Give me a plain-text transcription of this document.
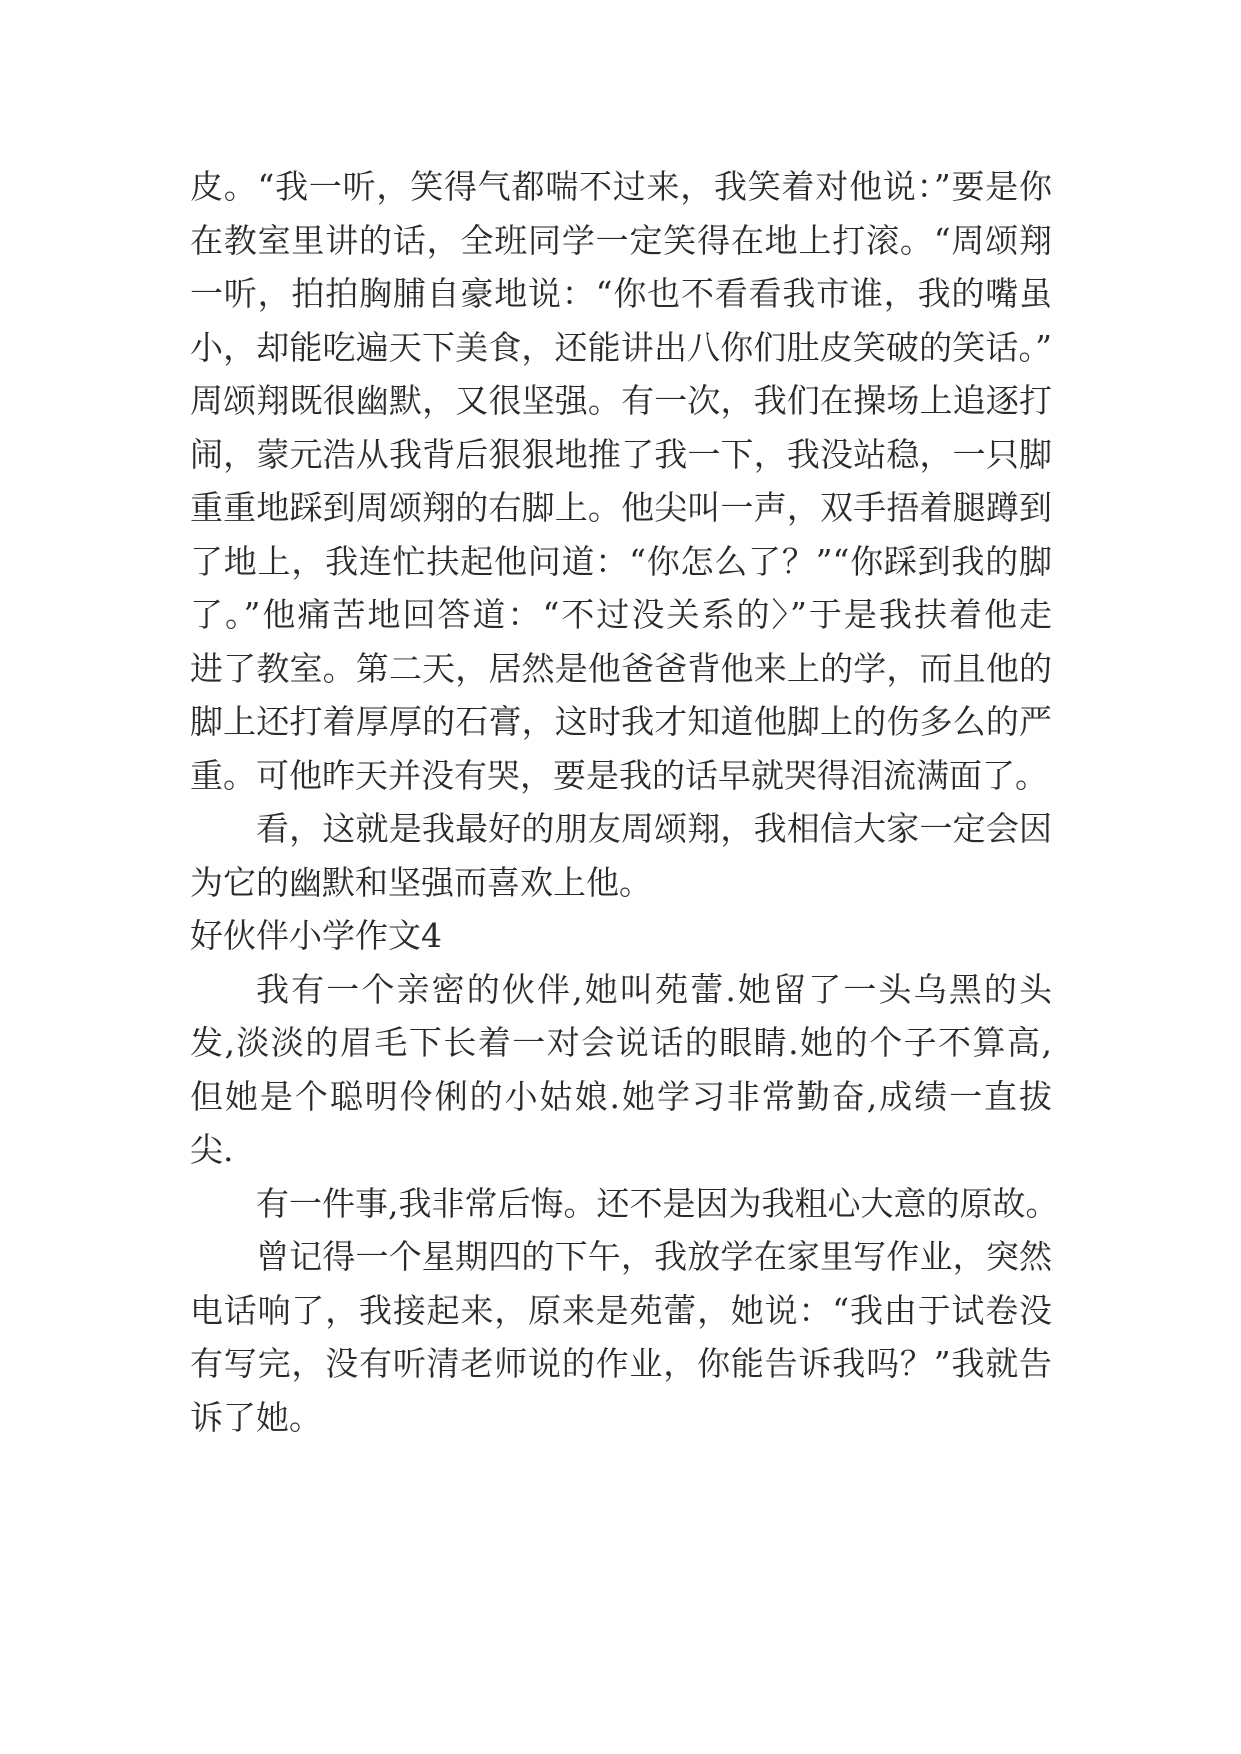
皮。“我一听，笑得气都喘不过来，我笑着对他说：”要是你
在教室里讲的话，全班同学一定笑得在地上打滚。“周颂翔
一听，拍拍胸脯自豪地说：“你也不看看我市谁，我的嘴虽
小，却能吃遍天下美食，还能讲出八你们肚皮笑破的笑话。”
周颂翔既很幽默，又很坚强。有一次，我们在操场上追逐打
闹，蒙元浩从我背后狠狠地推了我一下，我没站稳，一只脚
重重地踩到周颂翔的右脚上。他尖叫一声，双手捂着腿蹲到
了地上，我连忙扶起他问道：“你怎么了？”“你踩到我的脚
了。”他痛苦地回答道：“不过没关系的〉”于是我扶着他走
进了教室。第二天，居然是他爸爸背他来上的学，而且他的
脚上还打着厚厚的石膏，这时我才知道他脚上的伤多么的严
重。可他昨天并没有哭，要是我的话早就哭得泪流满面了。
看，这就是我最好的朋友周颂翔，我相信大家一定会因
为它的幽默和坚强而喜欢上他。
好伙伴小学作文4
我有一个亲密的伙伴,她叫苑蕾.她留了一头乌黑的头
发,淡淡的眉毛下长着一对会说话的眼睛.她的个子不算高,
但她是个聪明伶俐的小姑娘.她学习非常勤奋,成绩一直拔
尖.
有一件事,我非常后悔。还不是因为我粗心大意的原故。
曾记得一个星期四的下午，我放学在家里写作业，突然
电话响了，我接起来，原来是苑蕾，她说：“我由于试卷没
有写完，没有听清老师说的作业，你能告诉我吗？”我就告
诉了她。
